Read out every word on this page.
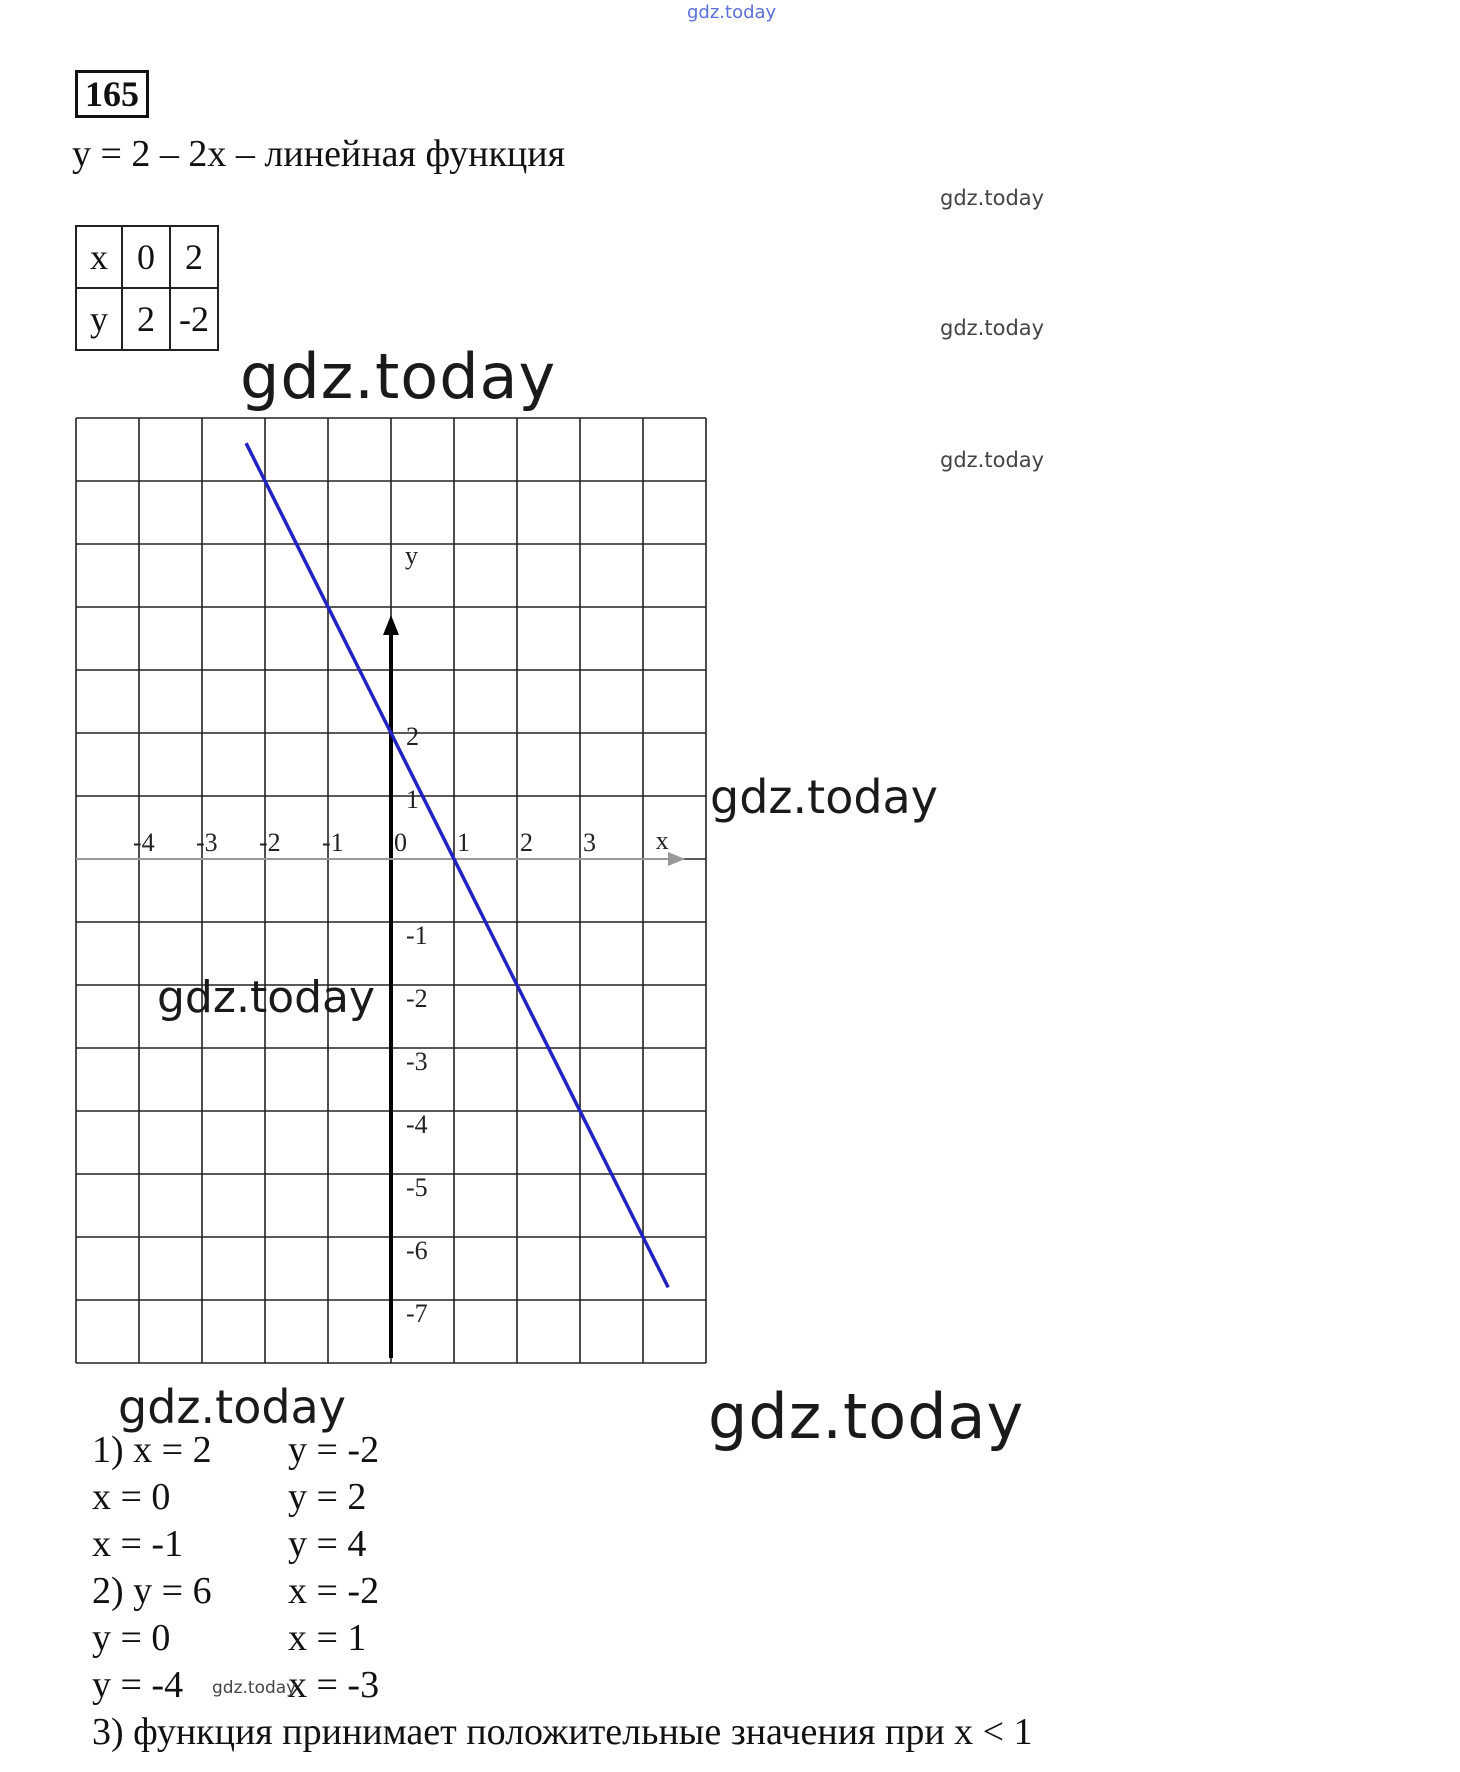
gdz.today
gdz.today
gdz.today
gdz.today
165
y = 2 – 2x – линейная функция
x	0	2
y	2	-2
-4 -3 -2 -1 0 1 2 3
2
1
-1
-2
-3
-4
-5
-6
-7
x
y
gdz.today
gdz.today
gdz.today
gdz.today	gdz.today
1) x = 2 y = -2
x = 0	y = 2
x = -1	y = 4
2) y = 6 x = -2
y = 0	x = 1
y = -4	x = -3
gdz.today
3) функция принимает положительные значения при x < 1
